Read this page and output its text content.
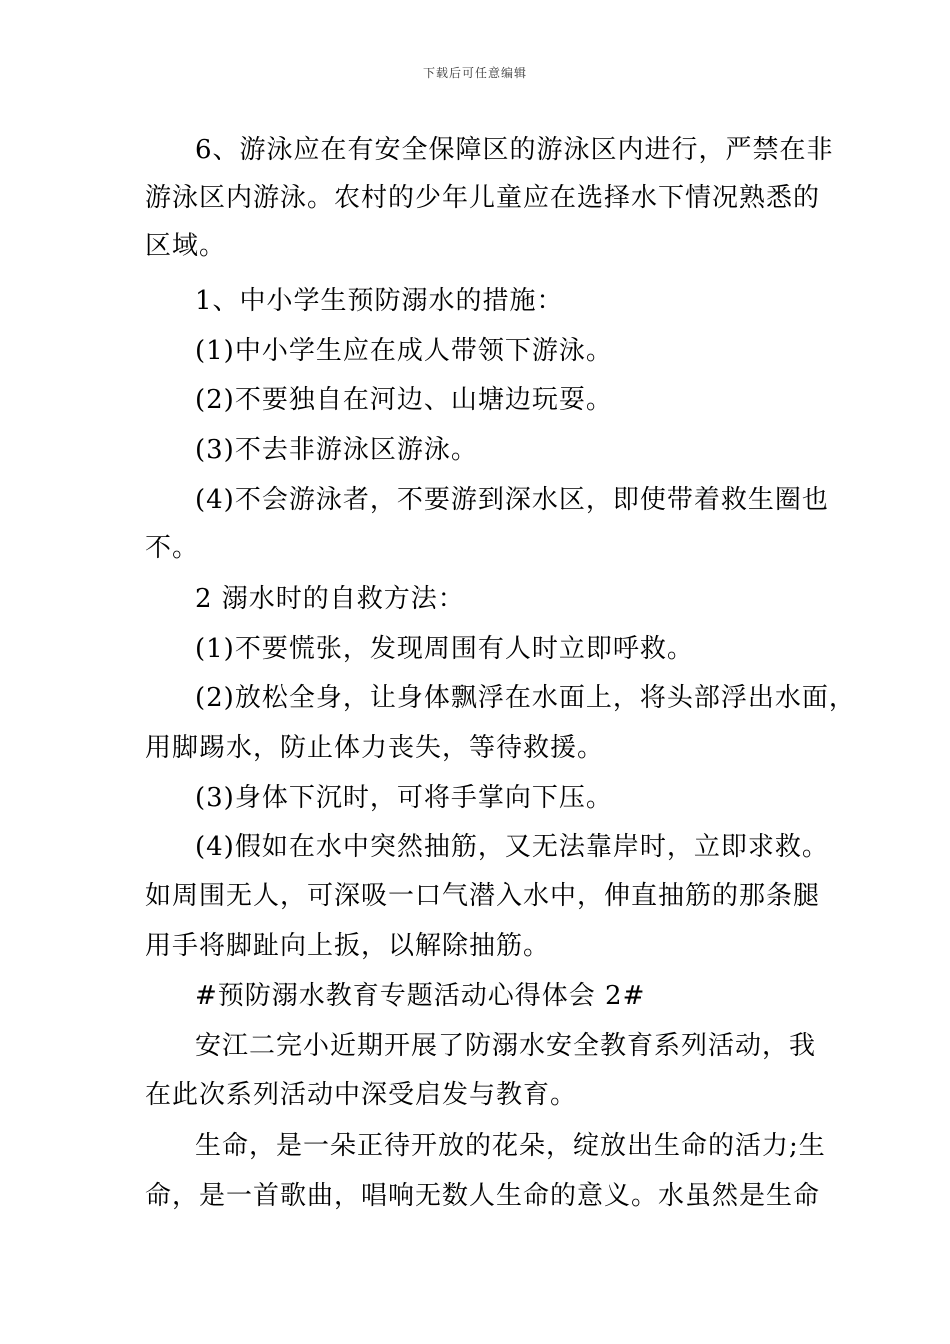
下载后可任意编辑
6、游泳应在有安全保障区的游泳区内进行，严禁在非
游泳区内游泳。农村的少年儿童应在选择水下情况熟悉的
区域。
1、中小学生预防溺水的措施：
(1)中小学生应在成人带领下游泳。
(2)不要独自在河边、山塘边玩耍。
(3)不去非游泳区游泳。
(4)不会游泳者，不要游到深水区，即使带着救生圈也
不。
2 溺水时的自救方法：
(1)不要慌张，发现周围有人时立即呼救。
(2)放松全身，让身体飘浮在水面上，将头部浮出水面，
用脚踢水，防止体力丧失，等待救援。
(3)身体下沉时，可将手掌向下压。
(4)假如在水中突然抽筋，又无法靠岸时，立即求救。
如周围无人，可深吸一口气潜入水中，伸直抽筋的那条腿
用手将脚趾向上扳，以解除抽筋。
#预防溺水教育专题活动心得体会 2#
安江二完小近期开展了防溺水安全教育系列活动，我
在此次系列活动中深受启发与教育。
生命，是一朵正待开放的花朵，绽放出生命的活力;生
命，是一首歌曲，唱响无数人生命的意义。水虽然是生命
